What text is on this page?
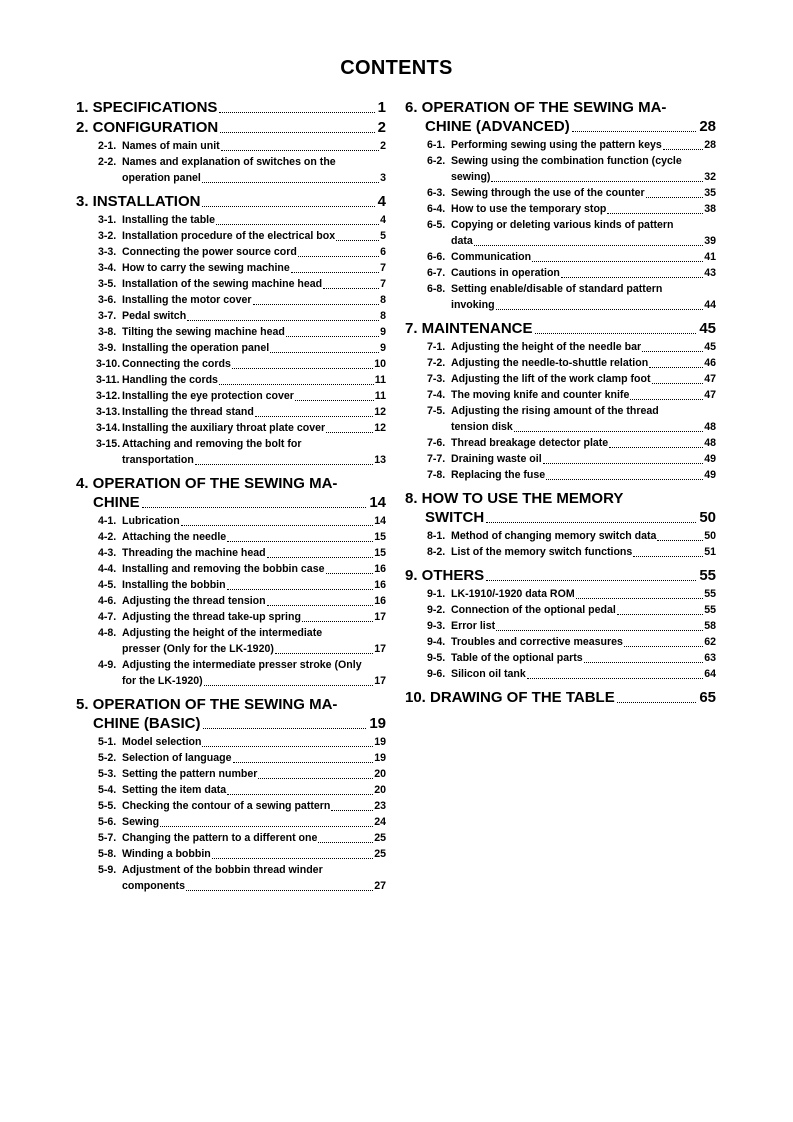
CONTENTS
1. SPECIFICATIONS	1
2. CONFIGURATION	2
2-1. Names of main unit	2
2-2. Names and explanation of switches on the
operation panel	3
3. INSTALLATION	4
3-1. Installing the table	4
3-2. Installation procedure of the electrical box	5
3-3. Connecting the power source cord	6
3-4. How to carry the sewing machine	7
3-5. Installation of the sewing machine head	7
3-6. Installing the motor cover	8
3-7. Pedal switch	8
3-8. Tilting the sewing machine head	9
3-9. Installing the operation panel	9
3-10. Connecting the cords	10
3-11. Handling the cords	11
3-12. Installing the eye protection cover	11
3-13. Installing the thread stand	12
3-14. Installing the auxiliary throat plate cover	12
3-15. Attaching and removing the bolt for
transportation	13
4. OPERATION OF THE SEWING MA-
CHINE	14
4-1. Lubrication	14
4-2. Attaching the needle	15
4-3. Threading the machine head	15
4-4. Installing and removing the bobbin case	16
4-5. Installing the bobbin	16
4-6. Adjusting the thread tension	16
4-7. Adjusting the thread take-up spring	17
4-8. Adjusting the height of the intermediate
presser (Only for the LK-1920)	17
4-9. Adjusting the intermediate presser stroke (Only
for the LK-1920)	17
5. OPERATION OF THE SEWING MA-
CHINE (BASIC)	19
5-1. Model selection	19
5-2. Selection of language	19
5-3. Setting the pattern number	20
5-4. Setting the item data	20
5-5. Checking the contour of a sewing pattern	23
5-6. Sewing	24
5-7. Changing the pattern to a different one	25
5-8. Winding a bobbin	25
5-9. Adjustment of the bobbin thread winder
components	27
6. OPERATION OF THE SEWING MA-
CHINE (ADVANCED)	28
6-1. Performing sewing using the pattern keys	28
6-2. Sewing using the combination function (cycle
sewing)	32
6-3. Sewing through the use of the counter	35
6-4. How to use the temporary stop	38
6-5. Copying or deleting various kinds of pattern
data	39
6-6. Communication	41
6-7. Cautions in operation	43
6-8. Setting enable/disable of standard pattern
invoking	44
7. MAINTENANCE	45
7-1. Adjusting the height of the needle bar	45
7-2. Adjusting the needle-to-shuttle relation	46
7-3. Adjusting the lift of the work clamp foot	47
7-4. The moving knife and counter knife	47
7-5. Adjusting the rising amount of the thread
tension disk	48
7-6. Thread breakage detector plate	48
7-7. Draining waste oil	49
7-8. Replacing the fuse	49
8. HOW TO USE THE MEMORY
SWITCH	50
8-1. Method of changing memory switch data	50
8-2. List of the memory switch functions	51
9. OTHERS	55
9-1. LK-1910/-1920 data ROM	55
9-2. Connection of the optional pedal	55
9-3. Error list	58
9-4. Troubles and corrective measures	62
9-5. Table of the optional parts	63
9-6. Silicon oil tank	64
10. DRAWING OF THE TABLE	65
